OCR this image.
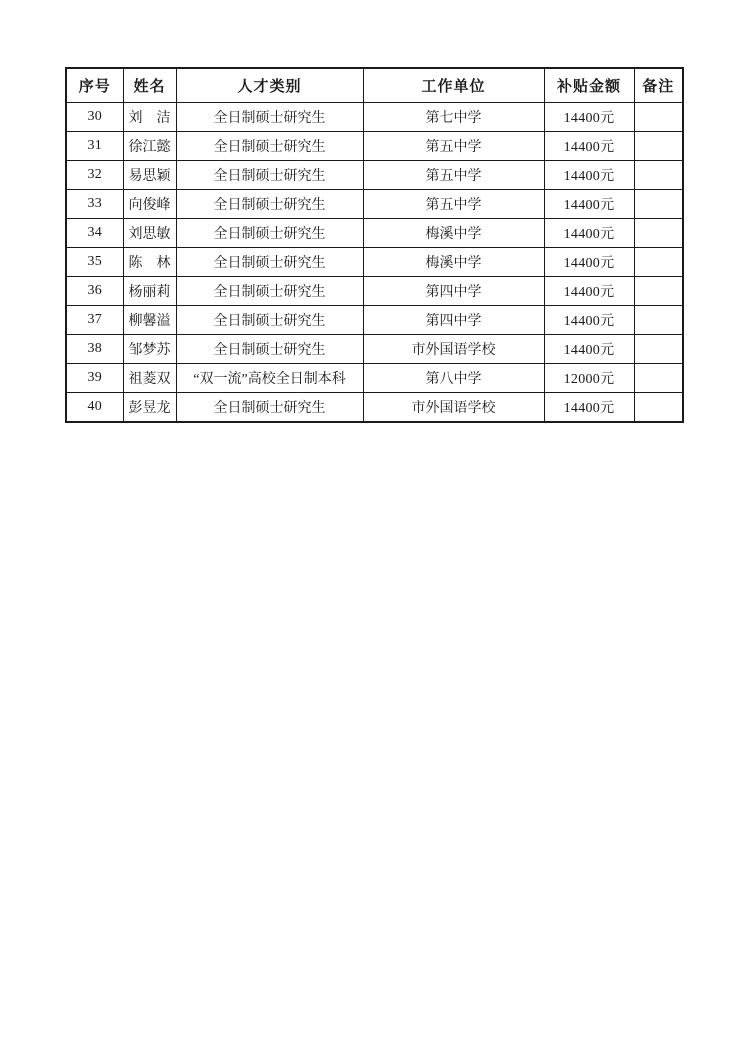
序号	姓名	人才类别	工作单位	补贴金额	备注
30	刘　洁	全日制硕士研究生	第七中学	14400元	
31	徐江懿	全日制硕士研究生	第五中学	14400元	
32	易思颖	全日制硕士研究生	第五中学	14400元	
33	向俊峰	全日制硕士研究生	第五中学	14400元	
34	刘思敏	全日制硕士研究生	梅溪中学	14400元	
35	陈　林	全日制硕士研究生	梅溪中学	14400元	
36	杨丽莉	全日制硕士研究生	第四中学	14400元	
37	柳馨溢	全日制硕士研究生	第四中学	14400元	
38	邹梦苏	全日制硕士研究生	市外国语学校	14400元	
39	祖菱双	“双一流”高校全日制本科	第八中学	12000元	
40	彭昱龙	全日制硕士研究生	市外国语学校	14400元	
